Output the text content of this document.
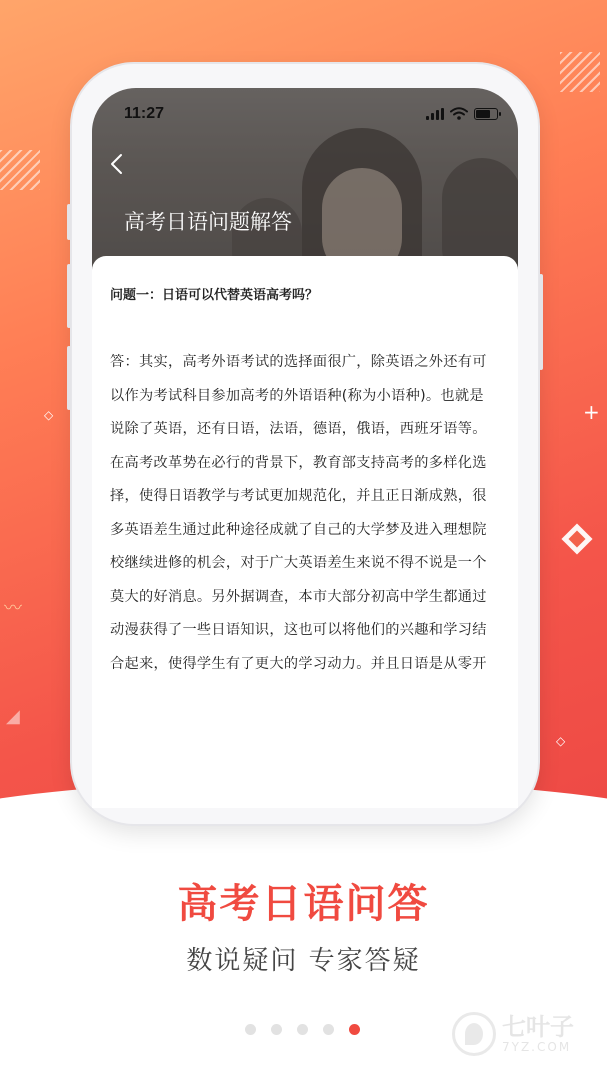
◇	+
◇
〰
◢
11:27
高考日语问题解答
问题一：日语可以代替英语高考吗？
答：其实，高考外语考试的选择面很广，除英语之外还有可
以作为考试科目参加高考的外语语种(称为小语种)。也就是
说除了英语，还有日语，法语，德语，俄语，西班牙语等。
在高考改革势在必行的背景下，教育部支持高考的多样化选
择，使得日语教学与考试更加规范化，并且正日渐成熟，很
多英语差生通过此种途径成就了自己的大学梦及进入理想院
校继续进修的机会，对于广大英语差生来说不得不说是一个
莫大的好消息。另外据调查，本市大部分初高中学生都通过
动漫获得了一些日语知识，这也可以将他们的兴趣和学习结
合起来，使得学生有了更大的学习动力。并且日语是从零开
高考日语问答
数说疑问 专家答疑
七叶子
7YZ.COM
